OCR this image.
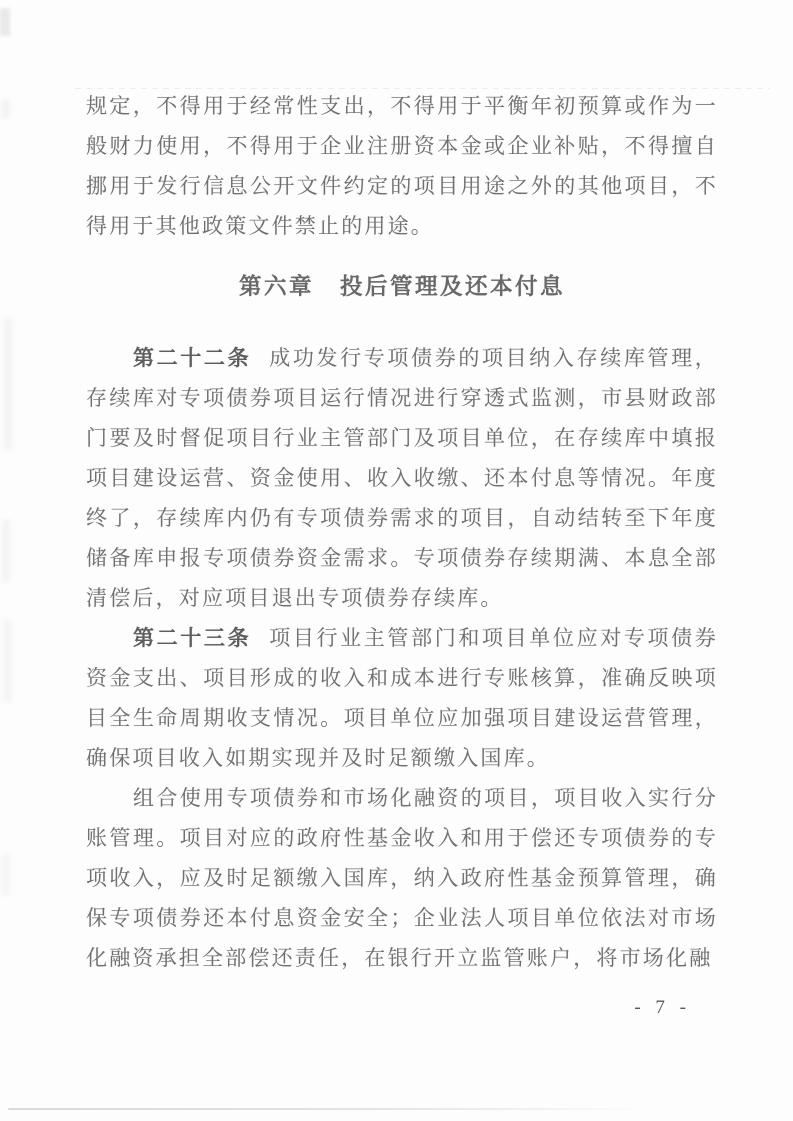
规定，不得用于经常性支出，不得用于平衡年初预算或作为一般财力使用，不得用于企业注册资本金或企业补贴，不得擅自挪用于发行信息公开文件约定的项目用途之外的其他项目，不得用于其他政策文件禁止的用途。

第六章 投后管理及还本付息

第二十二条 成功发行专项债券的项目纳入存续库管理，存续库对专项债券项目运行情况进行穿透式监测，市县财政部门要及时督促项目行业主管部门及项目单位，在存续库中填报项目建设运营、资金使用、收入收缴、还本付息等情况。年度终了，存续库内仍有专项债券需求的项目，自动结转至下年度储备库申报专项债券资金需求。专项债券存续期满、本息全部清偿后，对应项目退出专项债券存续库。

第二十三条 项目行业主管部门和项目单位应对专项债券资金支出、项目形成的收入和成本进行专账核算，准确反映项目全生命周期收支情况。项目单位应加强项目建设运营管理，确保项目收入如期实现并及时足额缴入国库。

组合使用专项债券和市场化融资的项目，项目收入实行分账管理。项目对应的政府性基金收入和用于偿还专项债券的专项收入，应及时足额缴入国库，纳入政府性基金预算管理，确保专项债券还本付息资金安全；企业法人项目单位依法对市场化融资承担全部偿还责任，在银行开立监管账户，将市场化融

- 7 -
